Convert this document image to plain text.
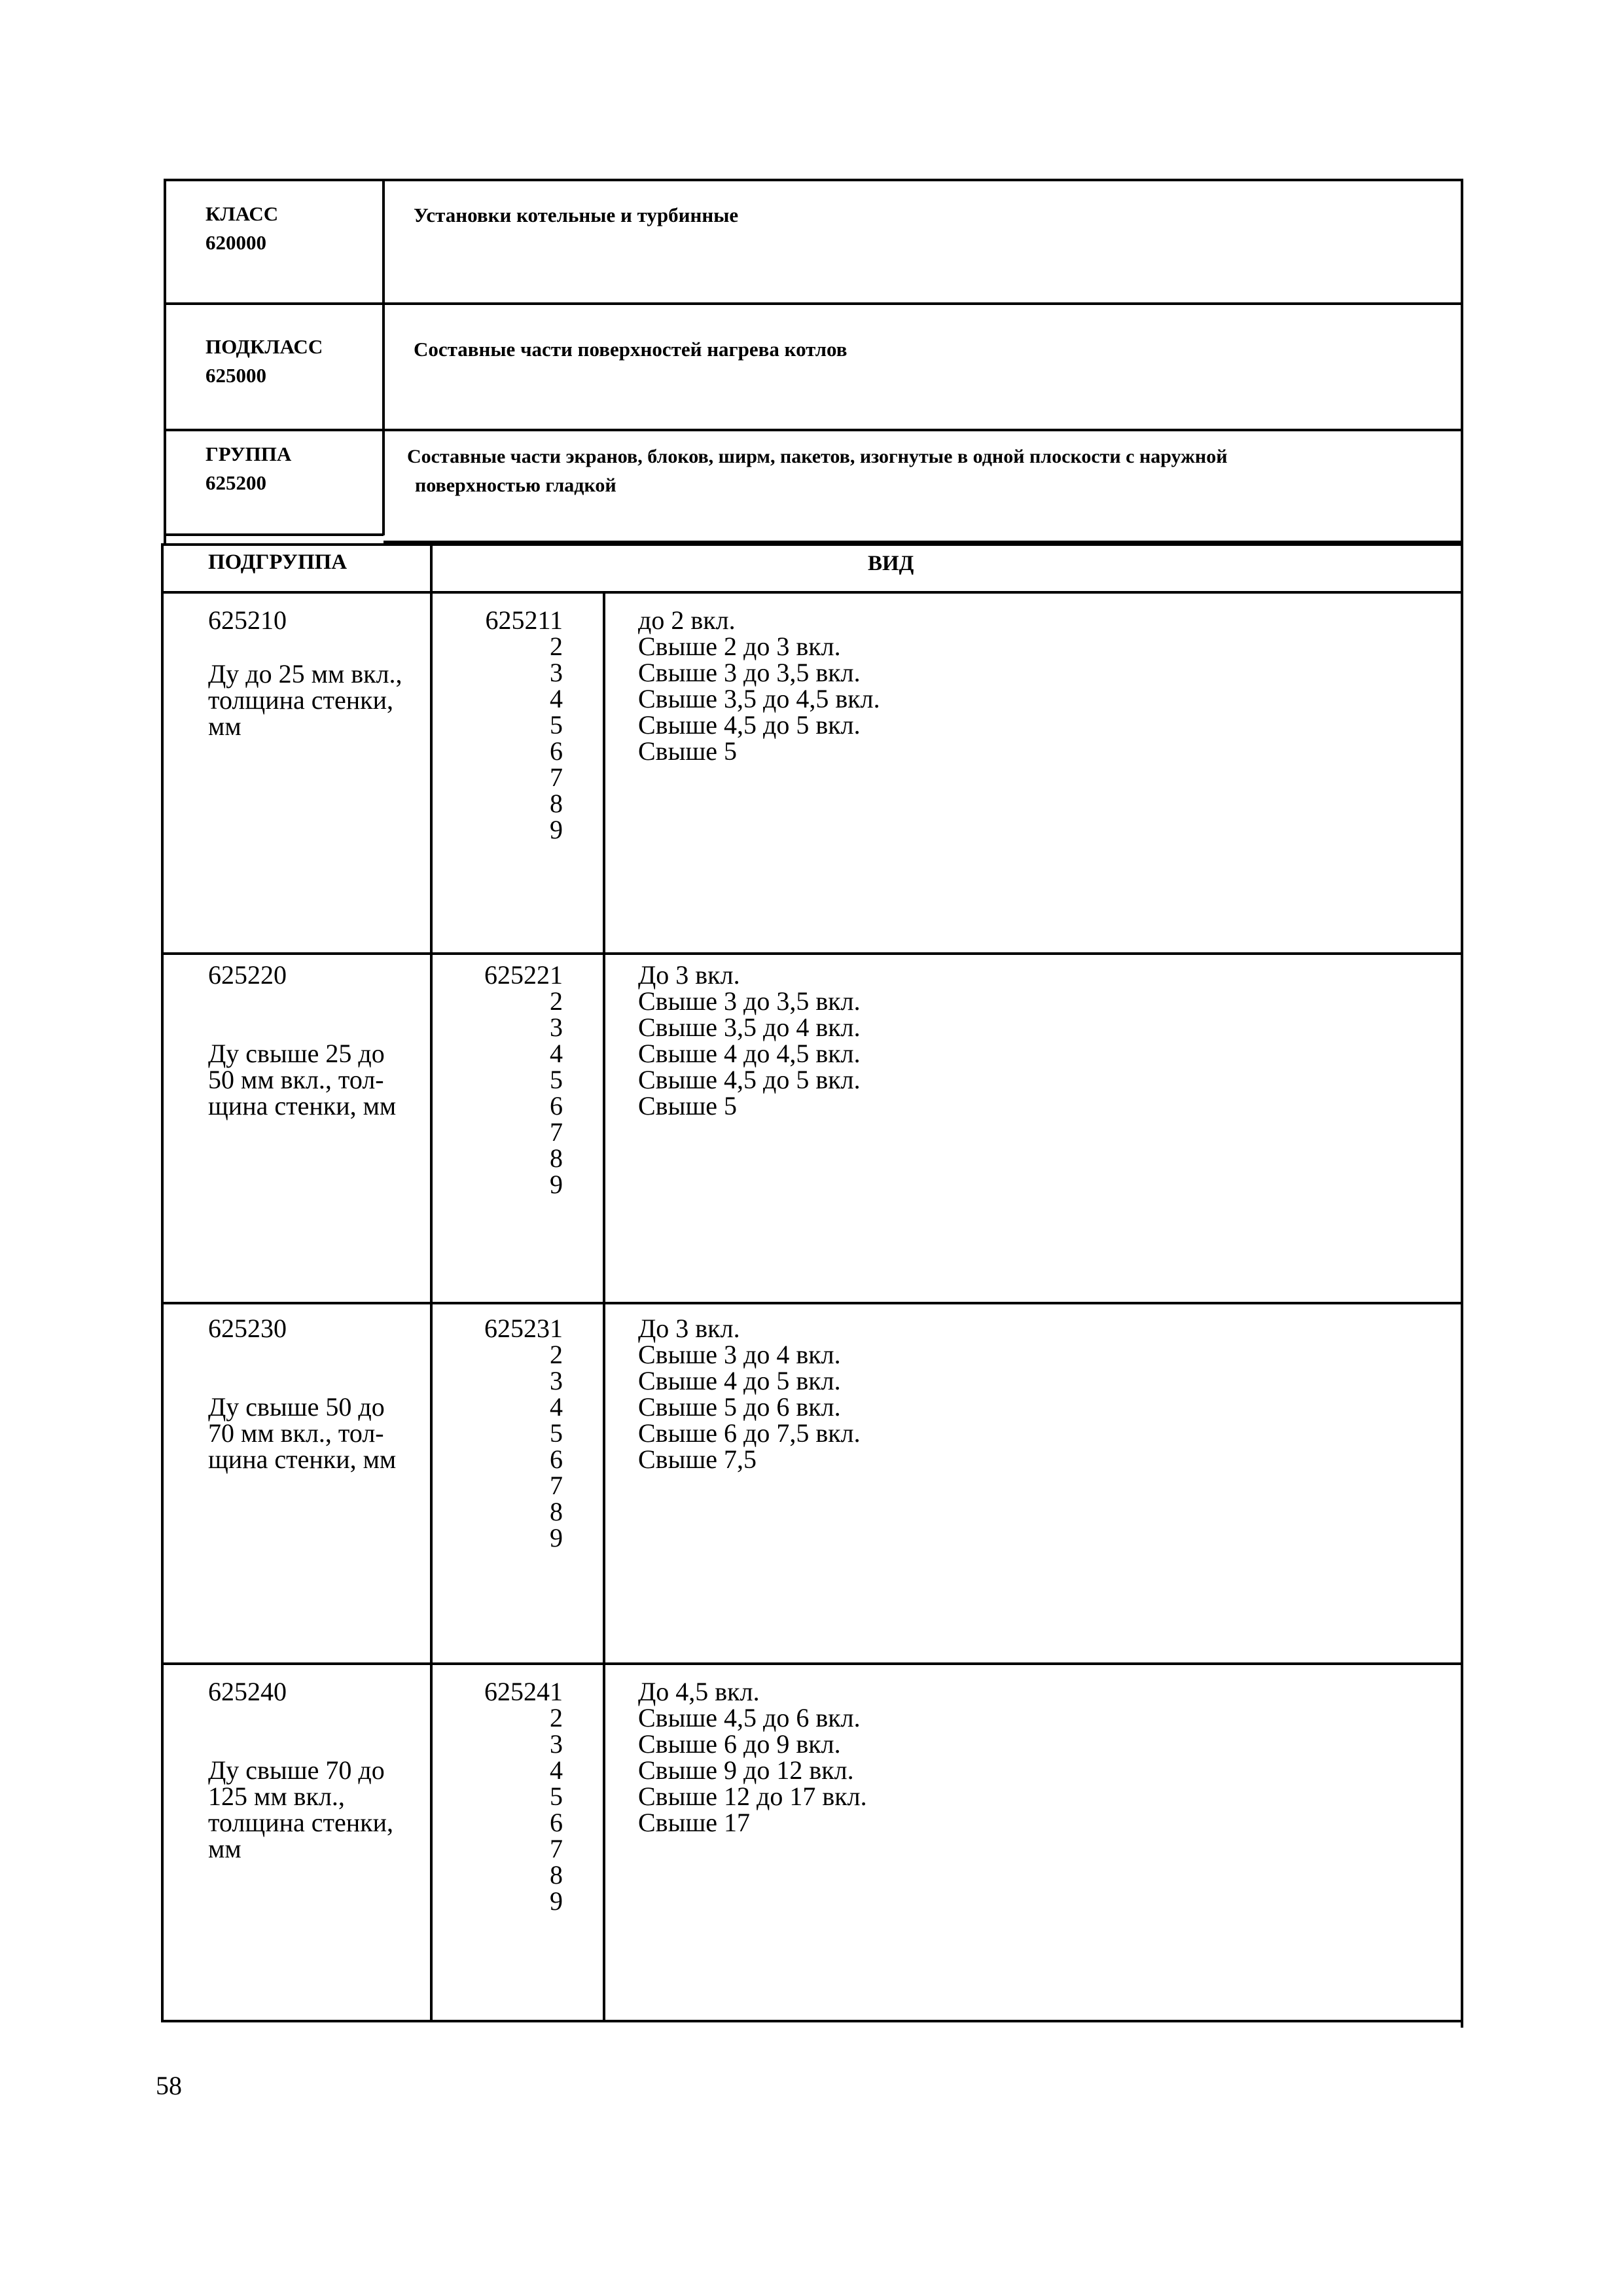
КЛАСС
620000
Установки котельные и турбинные
ПОДКЛАСС
625000
Составные части поверхностей нагрева котлов
ГРУППА
625200
Составные части экранов, блоков, ширм, пакетов, изогнутые в одной плоскости с наружной
поверхностью гладкой
ПОДГРУППА	ВИД
625210
Ду до 25 мм вкл.,
толщина стенки,
мм
625211
2
3
4
5
6
7
8
9
до 2 вкл.
Свыше 2 до 3 вкл.
Свыше 3 до 3,5 вкл.
Свыше 3,5 до 4,5 вкл.
Свыше 4,5 до 5 вкл.
Свыше 5
625220
Ду свыше 25 до
50 мм вкл., тол-
щина стенки, мм
625221
2
3
4
5
6
7
8
9
До 3 вкл.
Свыше 3 до 3,5 вкл.
Свыше 3,5 до 4 вкл.
Свыше 4 до 4,5 вкл.
Свыше 4,5 до 5 вкл.
Свыше 5
625230
Ду свыше 50 до
70 мм вкл., тол-
щина стенки, мм
625231
2
3
4
5
6
7
8
9
До 3 вкл.
Свыше 3 до 4 вкл.
Свыше 4 до 5 вкл.
Свыше 5 до 6 вкл.
Свыше 6 до 7,5 вкл.
Свыше 7,5
625240
Ду свыше 70 до
125 мм вкл.,
толщина стенки,
мм
625241
2
3
4
5
6
7
8
9
До 4,5 вкл.
Свыше 4,5 до 6 вкл.
Свыше 6 до 9 вкл.
Свыше 9 до 12 вкл.
Свыше 12 до 17 вкл.
Свыше 17
58
